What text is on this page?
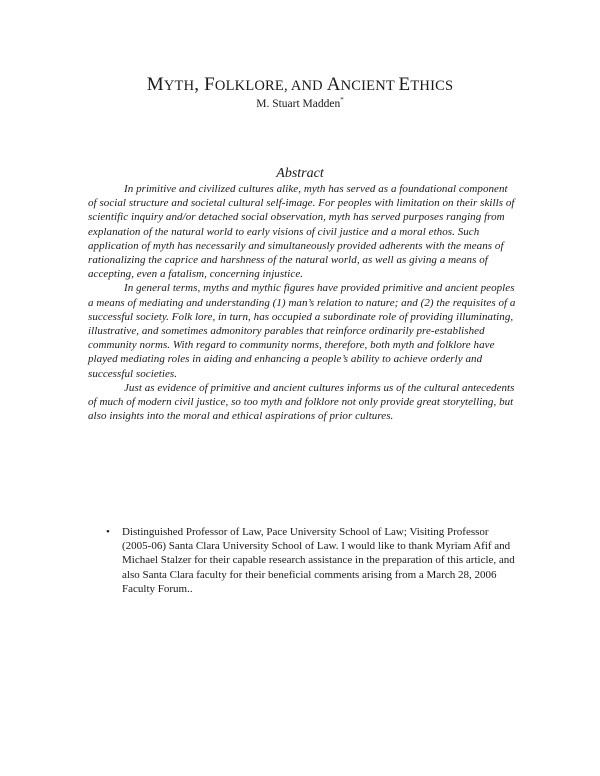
MYTH, FOLKLORE, AND ANCIENT ETHICS
M. Stuart Madden*
Abstract

In primitive and civilized cultures alike, myth has served as a foundational component of social structure and societal cultural self-image. For peoples with limitation on their skills of scientific inquiry and/or detached social observation, myth has served purposes ranging from explanation of the natural world to early visions of civil justice and a moral ethos. Such application of myth has necessarily and simultaneously provided adherents with the means of rationalizing the caprice and harshness of the natural world, as well as giving a means of accepting, even a fatalism, concerning injustice.

In general terms, myths and mythic figures have provided primitive and ancient peoples a means of mediating and understanding (1) man’s relation to nature; and (2) the requisites of a successful society. Folk lore, in turn, has occupied a subordinate role of providing illuminating, illustrative, and sometimes admonitory parables that reinforce ordinarily pre-established community norms. With regard to community norms, therefore, both myth and folklore have played mediating roles in aiding and enhancing a people’s ability to achieve orderly and successful societies.

Just as evidence of primitive and ancient cultures informs us of the cultural antecedents of much of modern civil justice, so too myth and folklore not only provide great storytelling, but also insights into the moral and ethical aspirations of prior cultures.

• Distinguished Professor of Law, Pace University School of Law; Visiting Professor (2005-06) Santa Clara University School of Law. I would like to thank Myriam Afif and Michael Stalzer for their capable research assistance in the preparation of this article, and also Santa Clara faculty for their beneficial comments arising from a March 28, 2006 Faculty Forum..
